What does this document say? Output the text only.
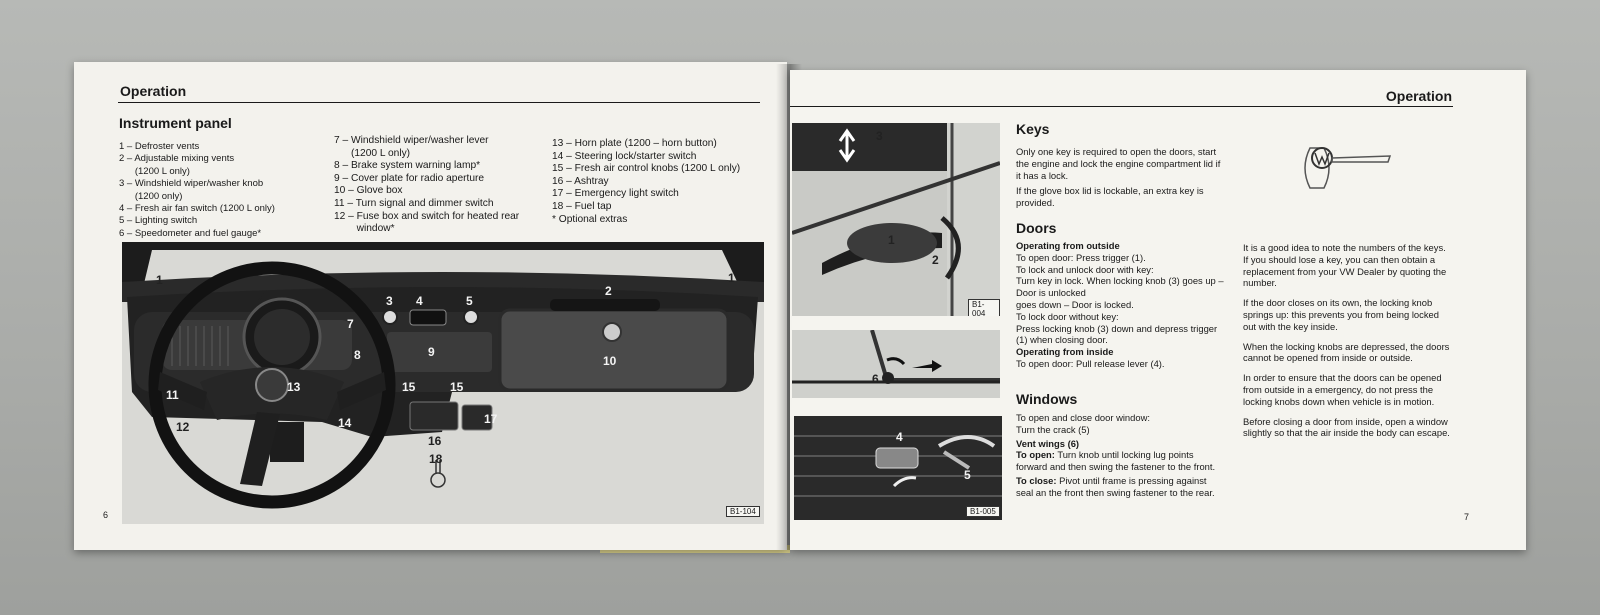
Operation
Instrument panel
1 – Defroster vents
2 – Adjustable mixing vents
(1200 L only)
3 – Windshield wiper/washer knob
(1200 only)
4 – Fresh air fan switch (1200 L only)
5 – Lighting switch
6 – Speedometer and fuel gauge*
7 – Windshield wiper/washer lever
(1200 L only)
8 – Brake system warning lamp*
9 – Cover plate for radio aperture
10 – Glove box
11 – Turn signal and dimmer switch
12 – Fuse box and switch for heated rear
window*
13 – Horn plate (1200 – horn button)
14 – Steering lock/starter switch
15 – Fresh air control knobs (1200 L only)
16 – Ashtray
17 – Emergency light switch
18 – Fuel tap
* Optional extras
1	1
2	2
3 4	5
7
8	9
10
11
12
13
14
15	15
16
17
18
B1-104
6
Operation
3
1
2
B1-004
6
4
5
B1-005
Keys

Only one key is required to open the doors, start the engine and lock the engine compartment lid if it has a lock.

If the glove box lid is lockable, an extra key is provided.

Doors
Operating from outside
To open door: Press trigger (1).
To lock and unlock door with key:
Turn key in lock. When locking knob (3) goes up – Door is unlocked
goes down – Door is locked.
To lock door without key:
Press locking knob (3) down and depress trigger (1) when closing door.
Operating from inside
To open door: Pull release lever (4).
Windows
To open and close door window:
Turn the crack (5)
Vent wings (6)
To open: Turn knob until locking lug points forward and then swing the fastener to the front.
To close: Pivot until frame is pressing against seal an the front then swing fastener to the rear.

It is a good idea to note the numbers of the keys. If you should lose a key, you can then obtain a replacement from your VW Dealer by quoting the number.

If the door closes on its own, the locking knob springs up: this prevents you from being locked out with the key inside.

When the locking knobs are depressed, the doors cannot be opened from inside or outside.

In order to ensure that the doors can be opened from outside in a emergency, do not press the locking knobs down when vehicle is in motion.

Before closing a door from inside, open a window slightly so that the air inside the body can escape.

7
